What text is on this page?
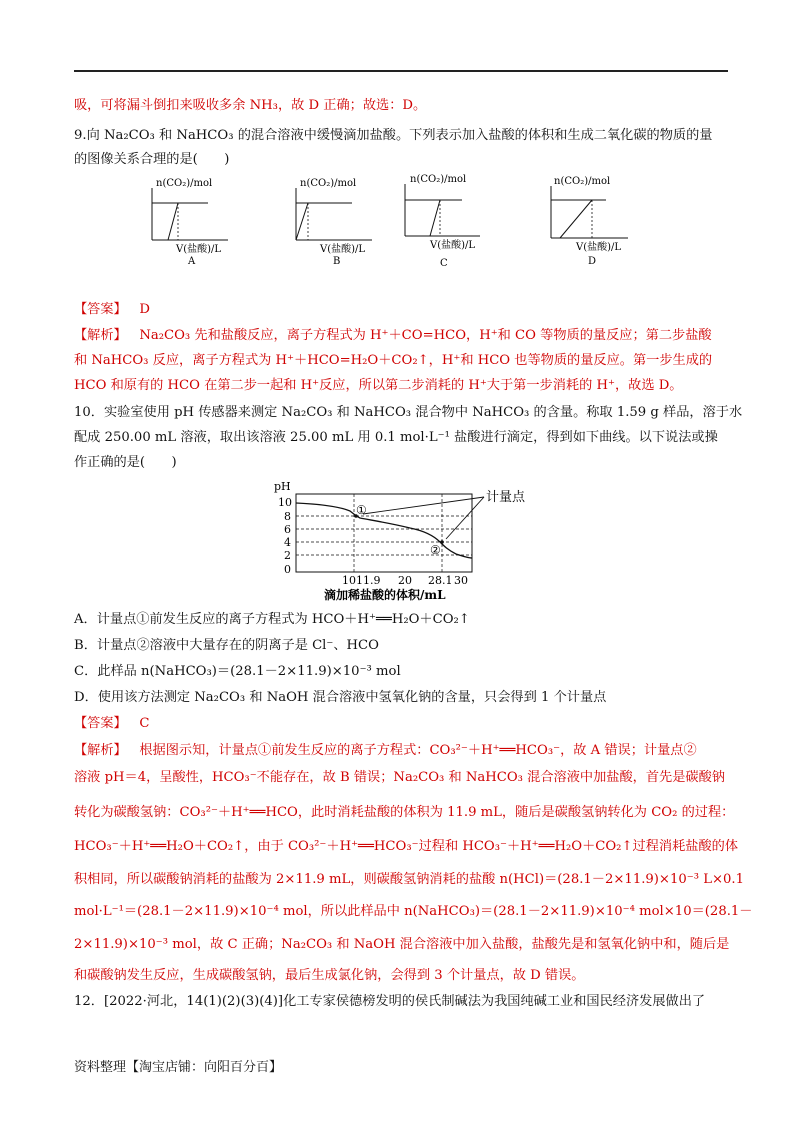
吸，可将漏斗倒扣来吸收多余 NH₃，故 D 正确；故选：D。
9.向 Na₂CO₃ 和 NaHCO₃ 的混合溶液中缓慢滴加盐酸。下列表示加入盐酸的体积和生成二氧化碳的物质的量
的图像关系合理的是(　　)
n(CO₂)/mol
V(盐酸)/L
A
n(CO₂)/mol
V(盐酸)/L
B
n(CO₂)/mol
V(盐酸)/L
C
n(CO₂)/mol
V(盐酸)/L
D
【答案】 D
【解析】 Na₂CO₃ 先和盐酸反应，离子方程式为 H⁺＋CO=HCO，H⁺和 CO 等物质的量反应；第二步盐酸
和 NaHCO₃ 反应，离子方程式为 H⁺＋HCO=H₂O＋CO₂↑，H⁺和 HCO 也等物质的量反应。第一步生成的
HCO 和原有的 HCO 在第二步一起和 H⁺反应，所以第二步消耗的 H⁺大于第一步消耗的 H⁺，故选 D。
10．实验室使用 pH 传感器来测定 Na₂CO₃ 和 NaHCO₃ 混合物中 NaHCO₃ 的含量。称取 1.59 g 样品，溶于水
配成 250.00 mL 溶液，取出该溶液 25.00 mL 用 0.1 mol·L⁻¹ 盐酸进行滴定，得到如下曲线。以下说法或操
作正确的是(　　)
①
②
计量点
pH
10
8
6
4
2
0
10 11.9 20 28.1 30
滴加稀盐酸的体积/mL
A．计量点①前发生反应的离子方程式为 HCO＋H⁺══H₂O＋CO₂↑
B．计量点②溶液中大量存在的阴离子是 Cl⁻、HCO
C．此样品 n(NaHCO₃)＝(28.1－2×11.9)×10⁻³ mol
D．使用该方法测定 Na₂CO₃ 和 NaOH 混合溶液中氢氧化钠的含量，只会得到 1 个计量点
【答案】 C
【解析】 根据图示知，计量点①前发生反应的离子方程式：CO₃²⁻＋H⁺══HCO₃⁻，故 A 错误；计量点②
溶液 pH＝4，呈酸性，HCO₃⁻不能存在，故 B 错误；Na₂CO₃ 和 NaHCO₃ 混合溶液中加盐酸，首先是碳酸钠
转化为碳酸氢钠：CO₃²⁻＋H⁺══HCO，此时消耗盐酸的体积为 11.9 mL，随后是碳酸氢钠转化为 CO₂ 的过程：
HCO₃⁻＋H⁺══H₂O＋CO₂↑，由于 CO₃²⁻＋H⁺══HCO₃⁻过程和 HCO₃⁻＋H⁺══H₂O＋CO₂↑过程消耗盐酸的体
积相同，所以碳酸钠消耗的盐酸为 2×11.9 mL，则碳酸氢钠消耗的盐酸 n(HCl)＝(28.1－2×11.9)×10⁻³ L×0.1
mol·L⁻¹＝(28.1－2×11.9)×10⁻⁴ mol，所以此样品中 n(NaHCO₃)＝(28.1－2×11.9)×10⁻⁴ mol×10＝(28.1－
2×11.9)×10⁻³ mol，故 C 正确；Na₂CO₃ 和 NaOH 混合溶液中加入盐酸，盐酸先是和氢氧化钠中和，随后是
和碳酸钠发生反应，生成碳酸氢钠，最后生成氯化钠，会得到 3 个计量点，故 D 错误。
12．[2022·河北，14(1)(2)(3)(4)]化工专家侯德榜发明的侯氏制碱法为我国纯碱工业和国民经济发展做出了
资料整理【淘宝店铺：向阳百分百】
